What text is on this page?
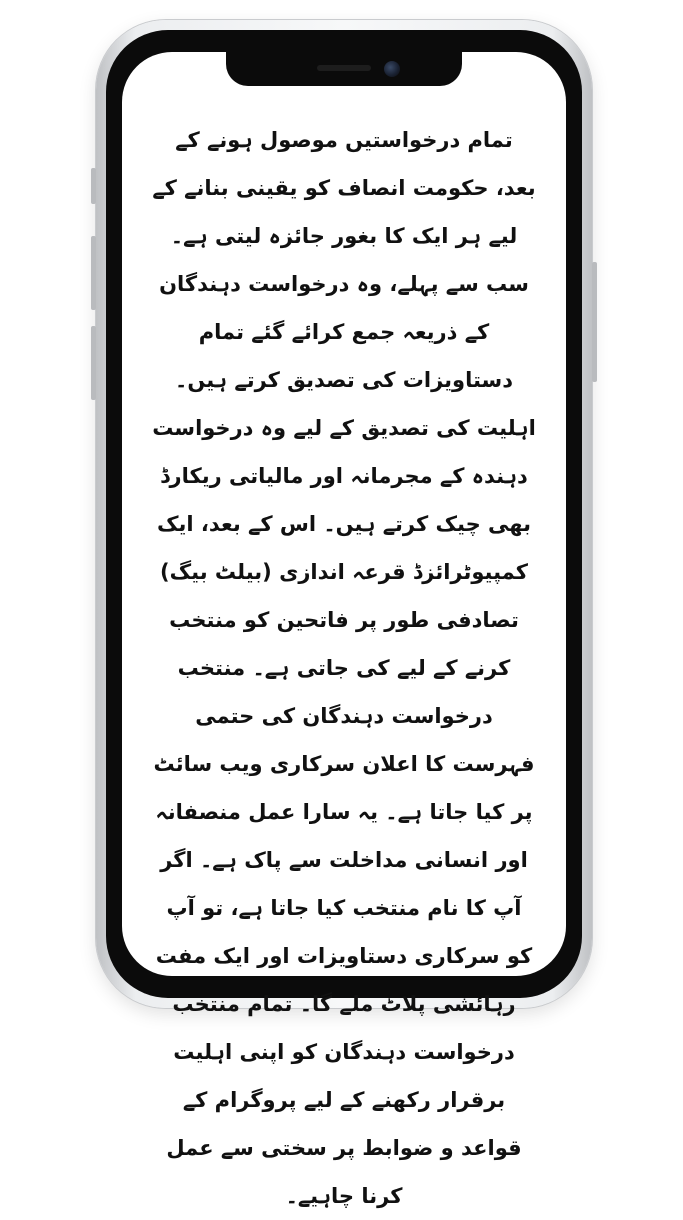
تمام درخواستیں موصول ہونے کے بعد، حکومت انصاف کو یقینی بنانے کے لیے ہر ایک کا بغور جائزہ لیتی ہے۔ سب سے پہلے، وہ درخواست دہندگان کے ذریعہ جمع کرائے گئے تمام دستاویزات کی تصدیق کرتے ہیں۔ اہلیت کی تصدیق کے لیے وہ درخواست دہندہ کے مجرمانہ اور مالیاتی ریکارڈ بھی چیک کرتے ہیں۔ اس کے بعد، ایک کمپیوٹرائزڈ قرعہ اندازی (بیلٹ بیگ) تصادفی طور پر فاتحین کو منتخب کرنے کے لیے کی جاتی ہے۔ منتخب درخواست دہندگان کی حتمی فہرست کا اعلان سرکاری ویب سائٹ پر کیا جاتا ہے۔ یہ سارا عمل منصفانہ اور انسانی مداخلت سے پاک ہے۔ اگر آپ کا نام منتخب کیا جاتا ہے، تو آپ کو سرکاری دستاویزات اور ایک مفت رہائشی پلاٹ ملے گا۔ تمام منتخب درخواست دہندگان کو اپنی اہلیت برقرار رکھنے کے لیے پروگرام کے قواعد و ضوابط پر سختی سے عمل کرنا چاہیے۔
